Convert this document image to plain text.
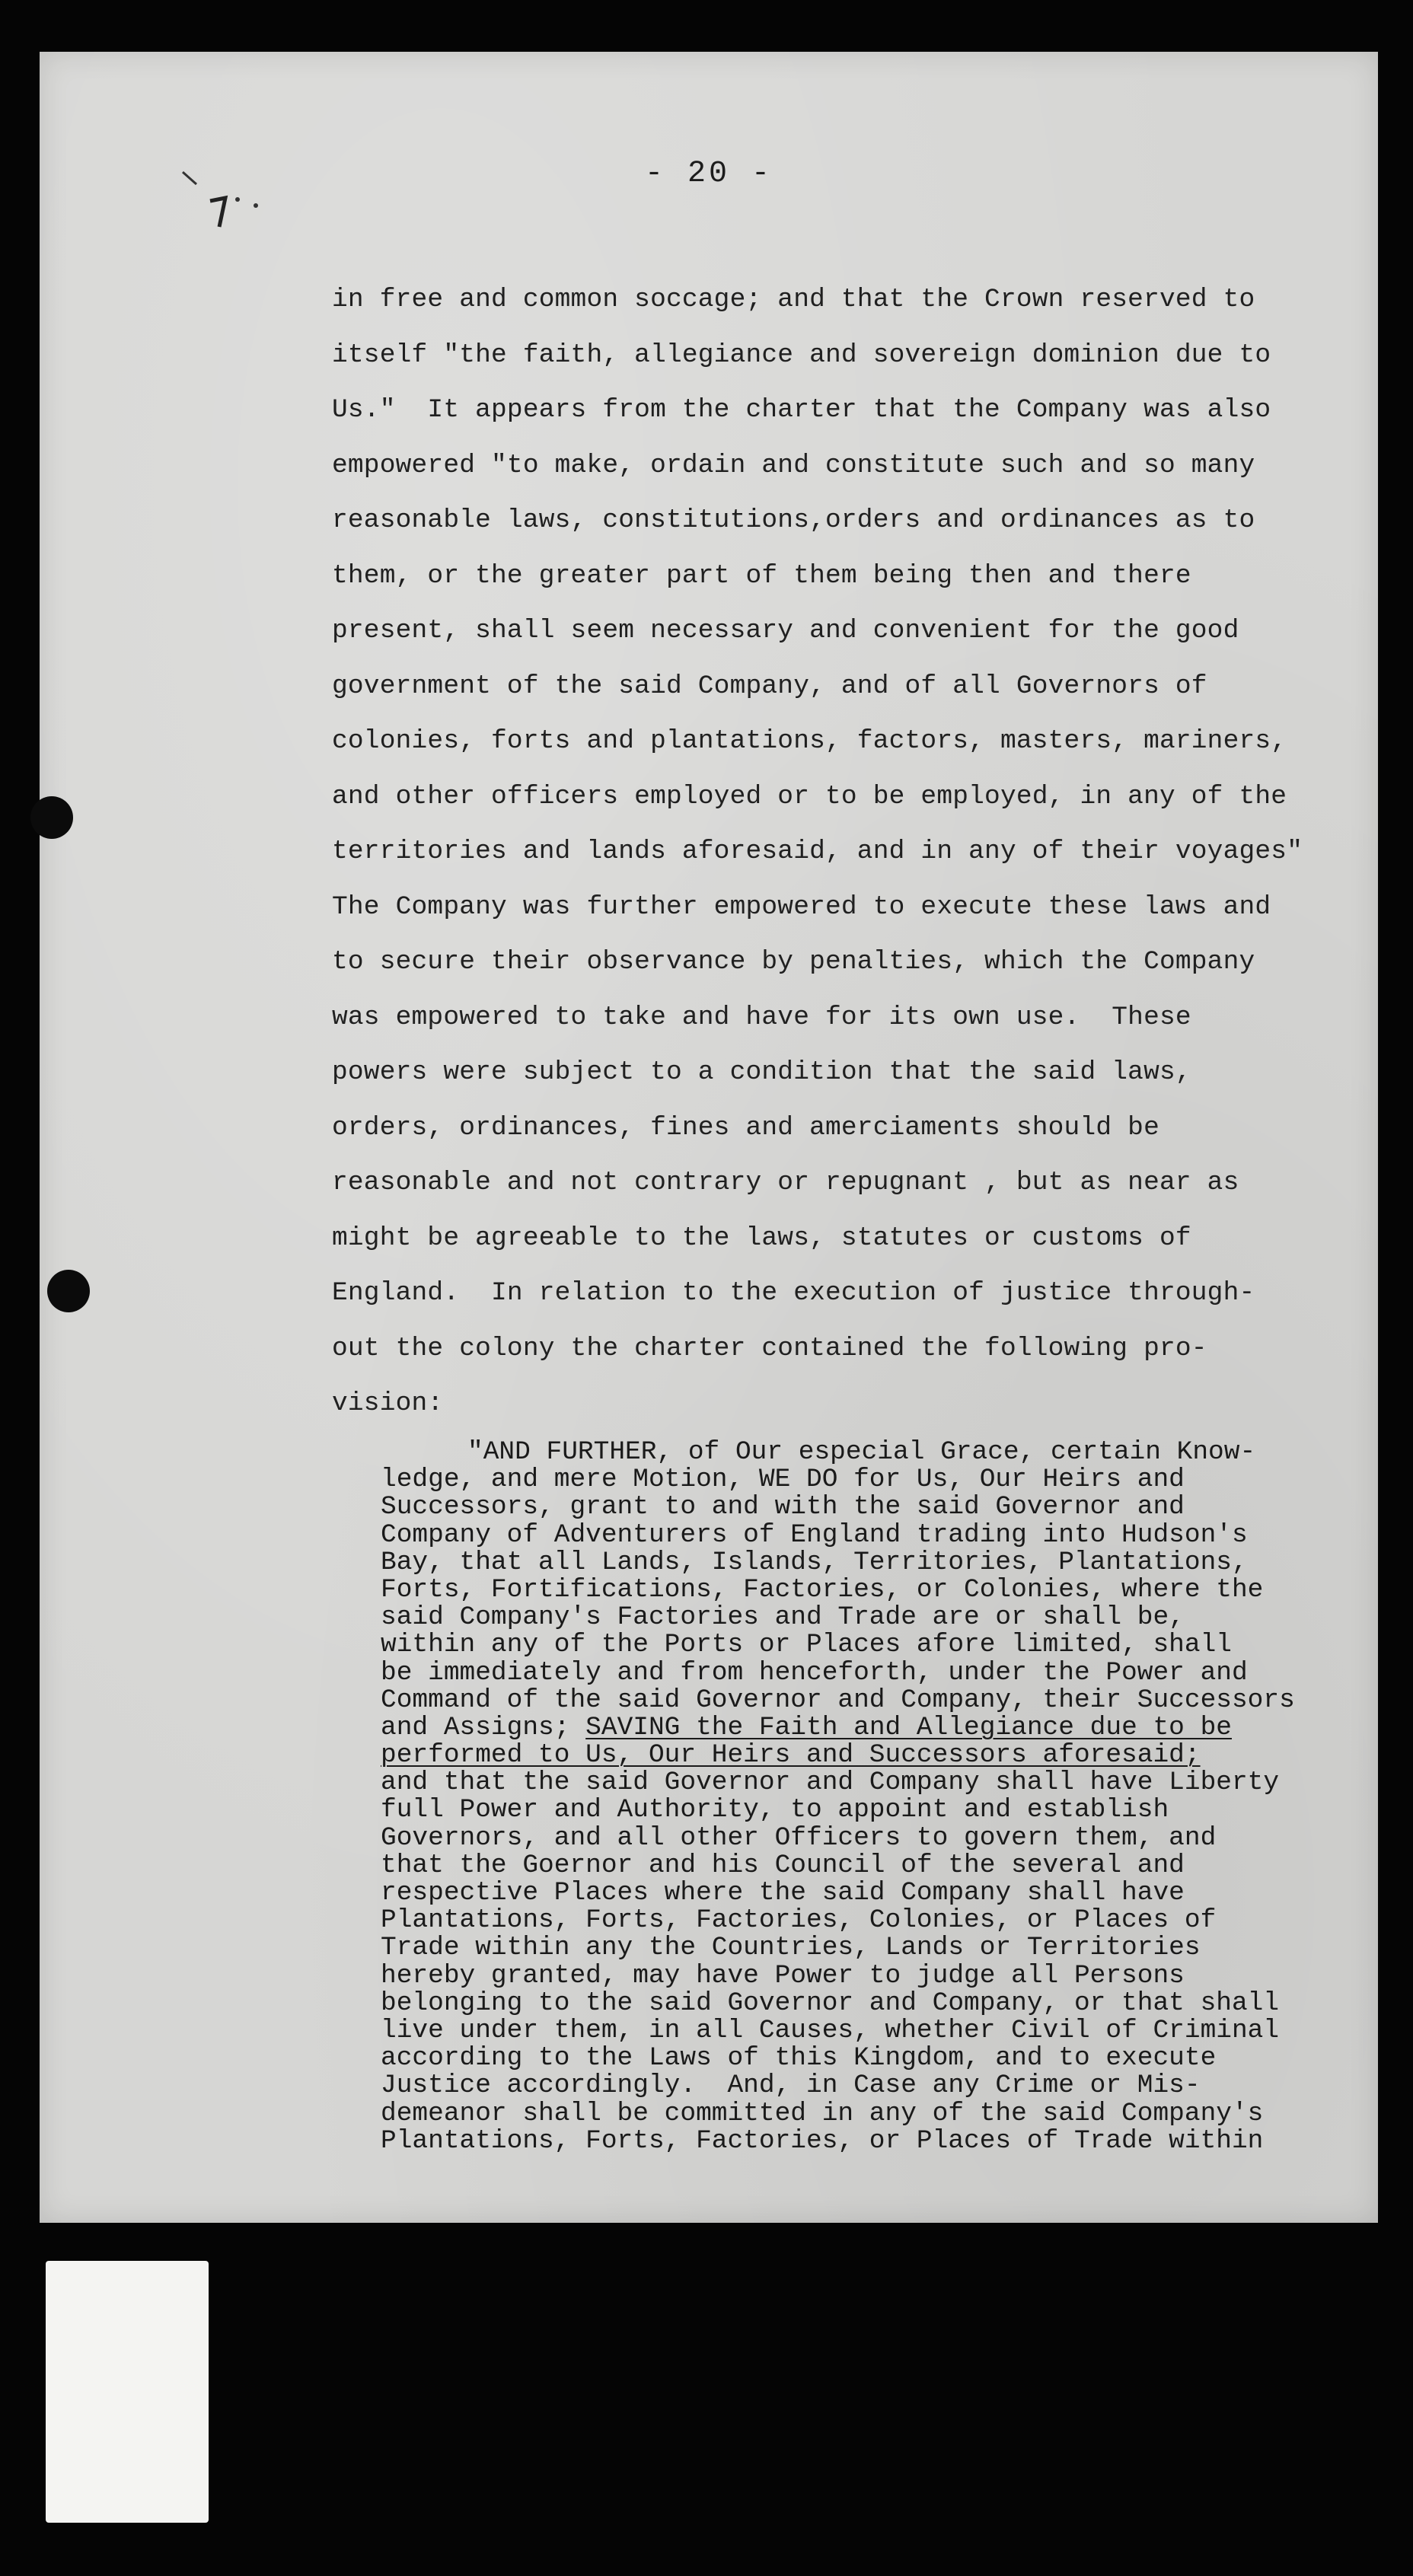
- 20 -
in free and common soccage; and that the Crown reserved to
itself "the faith, allegiance and sovereign dominion due to
Us."  It appears from the charter that the Company was also
empowered "to make, ordain and constitute such and so many
reasonable laws, constitutions,orders and ordinances as to
them, or the greater part of them being then and there
present, shall seem necessary and convenient for the good
government of the said Company, and of all Governors of
colonies, forts and plantations, factors, masters, mariners,
and other officers employed or to be employed, in any of the
territories and lands aforesaid, and in any of their voyages"
The Company was further empowered to execute these laws and
to secure their observance by penalties, which the Company
was empowered to take and have for its own use.  These
powers were subject to a condition that the said laws,
orders, ordinances, fines and amerciaments should be
reasonable and not contrary or repugnant , but as near as
might be agreeable to the laws, statutes or customs of
England.  In relation to the execution of justice through-
out the colony the charter contained the following pro-
vision:
"AND FURTHER, of Our especial Grace, certain Know-
ledge, and mere Motion, WE DO for Us, Our Heirs and
Successors, grant to and with the said Governor and
Company of Adventurers of England trading into Hudson's
Bay, that all Lands, Islands, Territories, Plantations,
Forts, Fortifications, Factories, or Colonies, where the
said Company's Factories and Trade are or shall be,
within any of the Ports or Places afore limited, shall
be immediately and from henceforth, under the Power and
Command of the said Governor and Company, their Successors
and Assigns; SAVING the Faith and Allegiance due to be
performed to Us, Our Heirs and Successors aforesaid;
and that the said Governor and Company shall have Liberty
full Power and Authority, to appoint and establish
Governors, and all other Officers to govern them, and
that the Goernor and his Council of the several and
respective Places where the said Company shall have
Plantations, Forts, Factories, Colonies, or Places of
Trade within any the Countries, Lands or Territories
hereby granted, may have Power to judge all Persons
belonging to the said Governor and Company, or that shall
live under them, in all Causes, whether Civil of Criminal
according to the Laws of this Kingdom, and to execute
Justice accordingly.  And, in Case any Crime or Mis-
demeanor shall be committed in any of the said Company's
Plantations, Forts, Factories, or Places of Trade within
